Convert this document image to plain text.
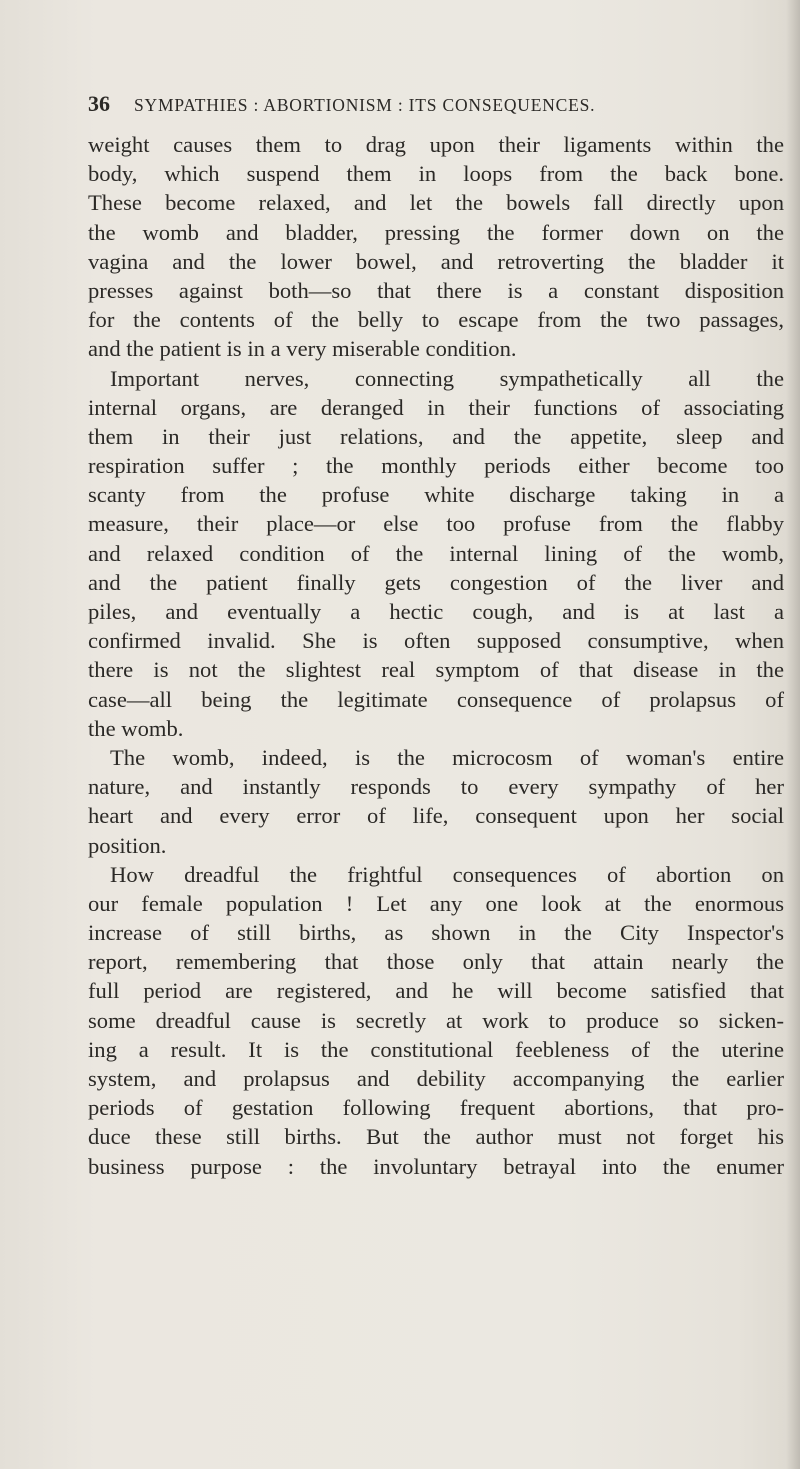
36 SYMPATHIES : ABORTIONISM : ITS CONSEQUENCES.
weight causes them to drag upon their ligaments within the
body, which suspend them in loops from the back bone.
These become relaxed, and let the bowels fall directly upon
the womb and bladder, pressing the former down on the
vagina and the lower bowel, and retroverting the bladder it
presses against both—so that there is a constant disposition
for the contents of the belly to escape from the two passages,
and the patient is in a very miserable condition.
Important nerves, connecting sympathetically all the
internal organs, are deranged in their functions of associating
them in their just relations, and the appetite, sleep and
respiration suffer ; the monthly periods either become too
scanty from the profuse white discharge taking in a
measure, their place—or else too profuse from the flabby
and relaxed condition of the internal lining of the womb,
and the patient finally gets congestion of the liver and
piles, and eventually a hectic cough, and is at last a
confirmed invalid. She is often supposed consumptive, when
there is not the slightest real symptom of that disease in the
case—all being the legitimate consequence of prolapsus of
the womb.
The womb, indeed, is the microcosm of woman's entire
nature, and instantly responds to every sympathy of her
heart and every error of life, consequent upon her social
position.
How dreadful the frightful consequences of abortion on
our female population ! Let any one look at the enormous
increase of still births, as shown in the City Inspector's
report, remembering that those only that attain nearly the
full period are registered, and he will become satisfied that
some dreadful cause is secretly at work to produce so sicken-
ing a result. It is the constitutional feebleness of the uterine
system, and prolapsus and debility accompanying the earlier
periods of gestation following frequent abortions, that pro-
duce these still births. But the author must not forget his
business purpose : the involuntary betrayal into the enumer
